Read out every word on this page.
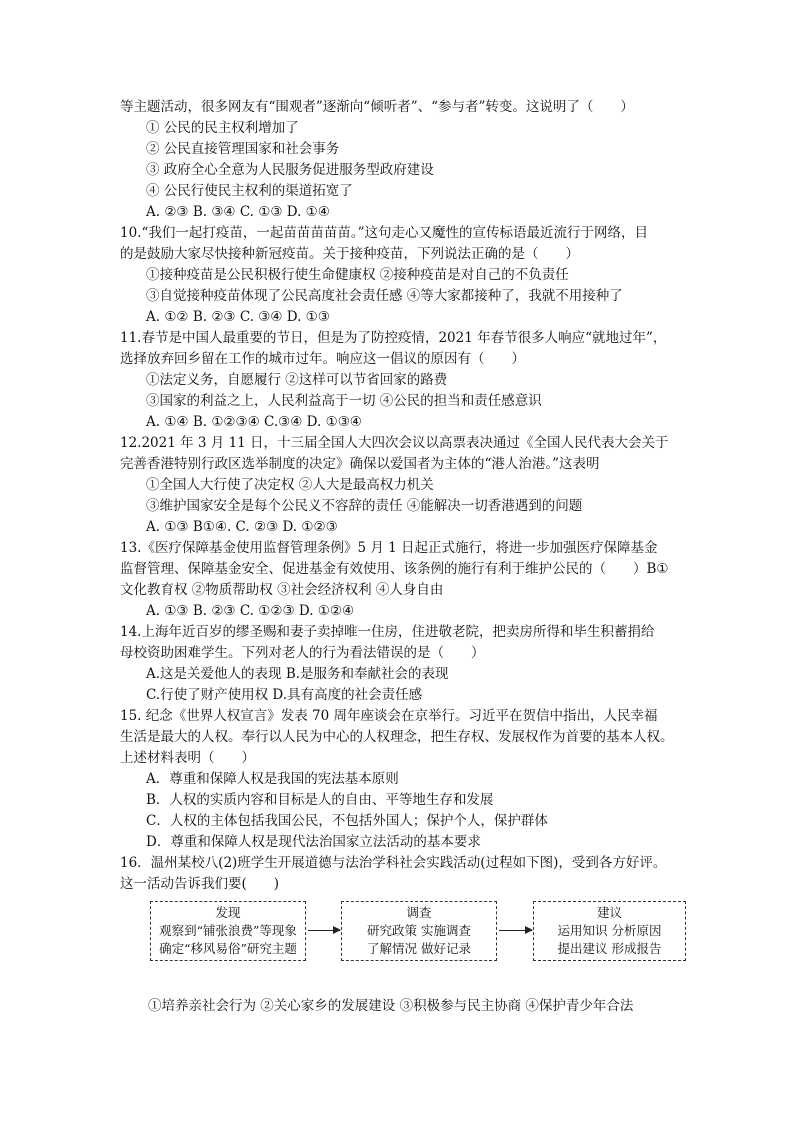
等主题活动，很多网友有“围观者”逐渐向“倾听者”、“参与者”转变。这说明了（　　）
① 公民的民主权利增加了
② 公民直接管理国家和社会事务
③ 政府全心全意为人民服务促进服务型政府建设
④ 公民行使民主权利的渠道拓宽了
A. ②③ B. ③④ C. ①③ D. ①④
10.“我们一起打疫苗，一起苗苗苗苗苗。”这句走心又魔性的宣传标语最近流行于网络，目
的是鼓励大家尽快接种新冠疫苗。关于接种疫苗，下列说法正确的是（　　）
①接种疫苗是公民积极行使生命健康权 ②接种疫苗是对自己的不负责任
③自觉接种疫苗体现了公民高度社会责任感 ④等大家都接种了，我就不用接种了
A. ①② B. ②③ C. ③④ D. ①③
11.春节是中国人最重要的节日，但是为了防控疫情，2021 年春节很多人响应“就地过年”，
选择放弃回乡留在工作的城市过年。响应这一倡议的原因有（　　）
①法定义务，自愿履行 ②这样可以节省回家的路费
③国家的利益之上，人民利益高于一切 ④公民的担当和责任感意识
A. ①④ B. ①②③④ C.③④ D. ①③④
12.2021 年 3 月 11 日，十三届全国人大四次会议以高票表决通过《全国人民代表大会关于
完善香港特别行政区选举制度的决定》确保以爱国者为主体的“港人治港。”这表明
①全国人大行使了决定权 ②人大是最高权力机关
③维护国家安全是每个公民义不容辞的责任 ④能解决一切香港遇到的问题
A. ①③ B①④. C. ②③ D. ①②③
13.《医疗保障基金使用监督管理条例》5 月 1 日起正式施行，将进一步加强医疗保障基金
监督管理、保障基金安全、促进基金有效使用、该条例的施行有利于维护公民的（　　）B①
文化教育权 ②物质帮助权 ③社会经济权利 ④人身自由
A. ①③ B. ②③ C. ①②③ D. ①②④
14.上海年近百岁的缪圣赐和妻子卖掉唯一住房，住进敬老院，把卖房所得和毕生积蓄捐给
母校资助困难学生。下列对老人的行为看法错误的是（　　）
A.这是关爱他人的表现 B.是服务和奉献社会的表现
C.行使了财产使用权 D.具有高度的社会责任感
15. 纪念《世界人权宣言》发表 70 周年座谈会在京举行。习近平在贺信中指出，人民幸福
生活是最大的人权。奉行以人民为中心的人权理念，把生存权、发展权作为首要的基本人权。
上述材料表明（　　）
A．尊重和保障人权是我国的宪法基本原则
B．人权的实质内容和目标是人的自由、平等地生存和发展
C．人权的主体包括我国公民，不包括外国人；保护个人，保护群体
D．尊重和保障人权是现代法治国家立法活动的基本要求
16．温州某校八(2)班学生开展道德与法治学科社会实践活动(过程如下图)，受到各方好评。
这一活动告诉我们要(　　)
发现
观察到“铺张浪费”等现象
确定“移风易俗”研究主题
调查
研究政策 实施调查
了解情况 做好记录
建议
运用知识 分析原因
提出建议 形成报告
①培养亲社会行为 ②关心家乡的发展建设 ③积极参与民主协商 ④保护青少年合法
